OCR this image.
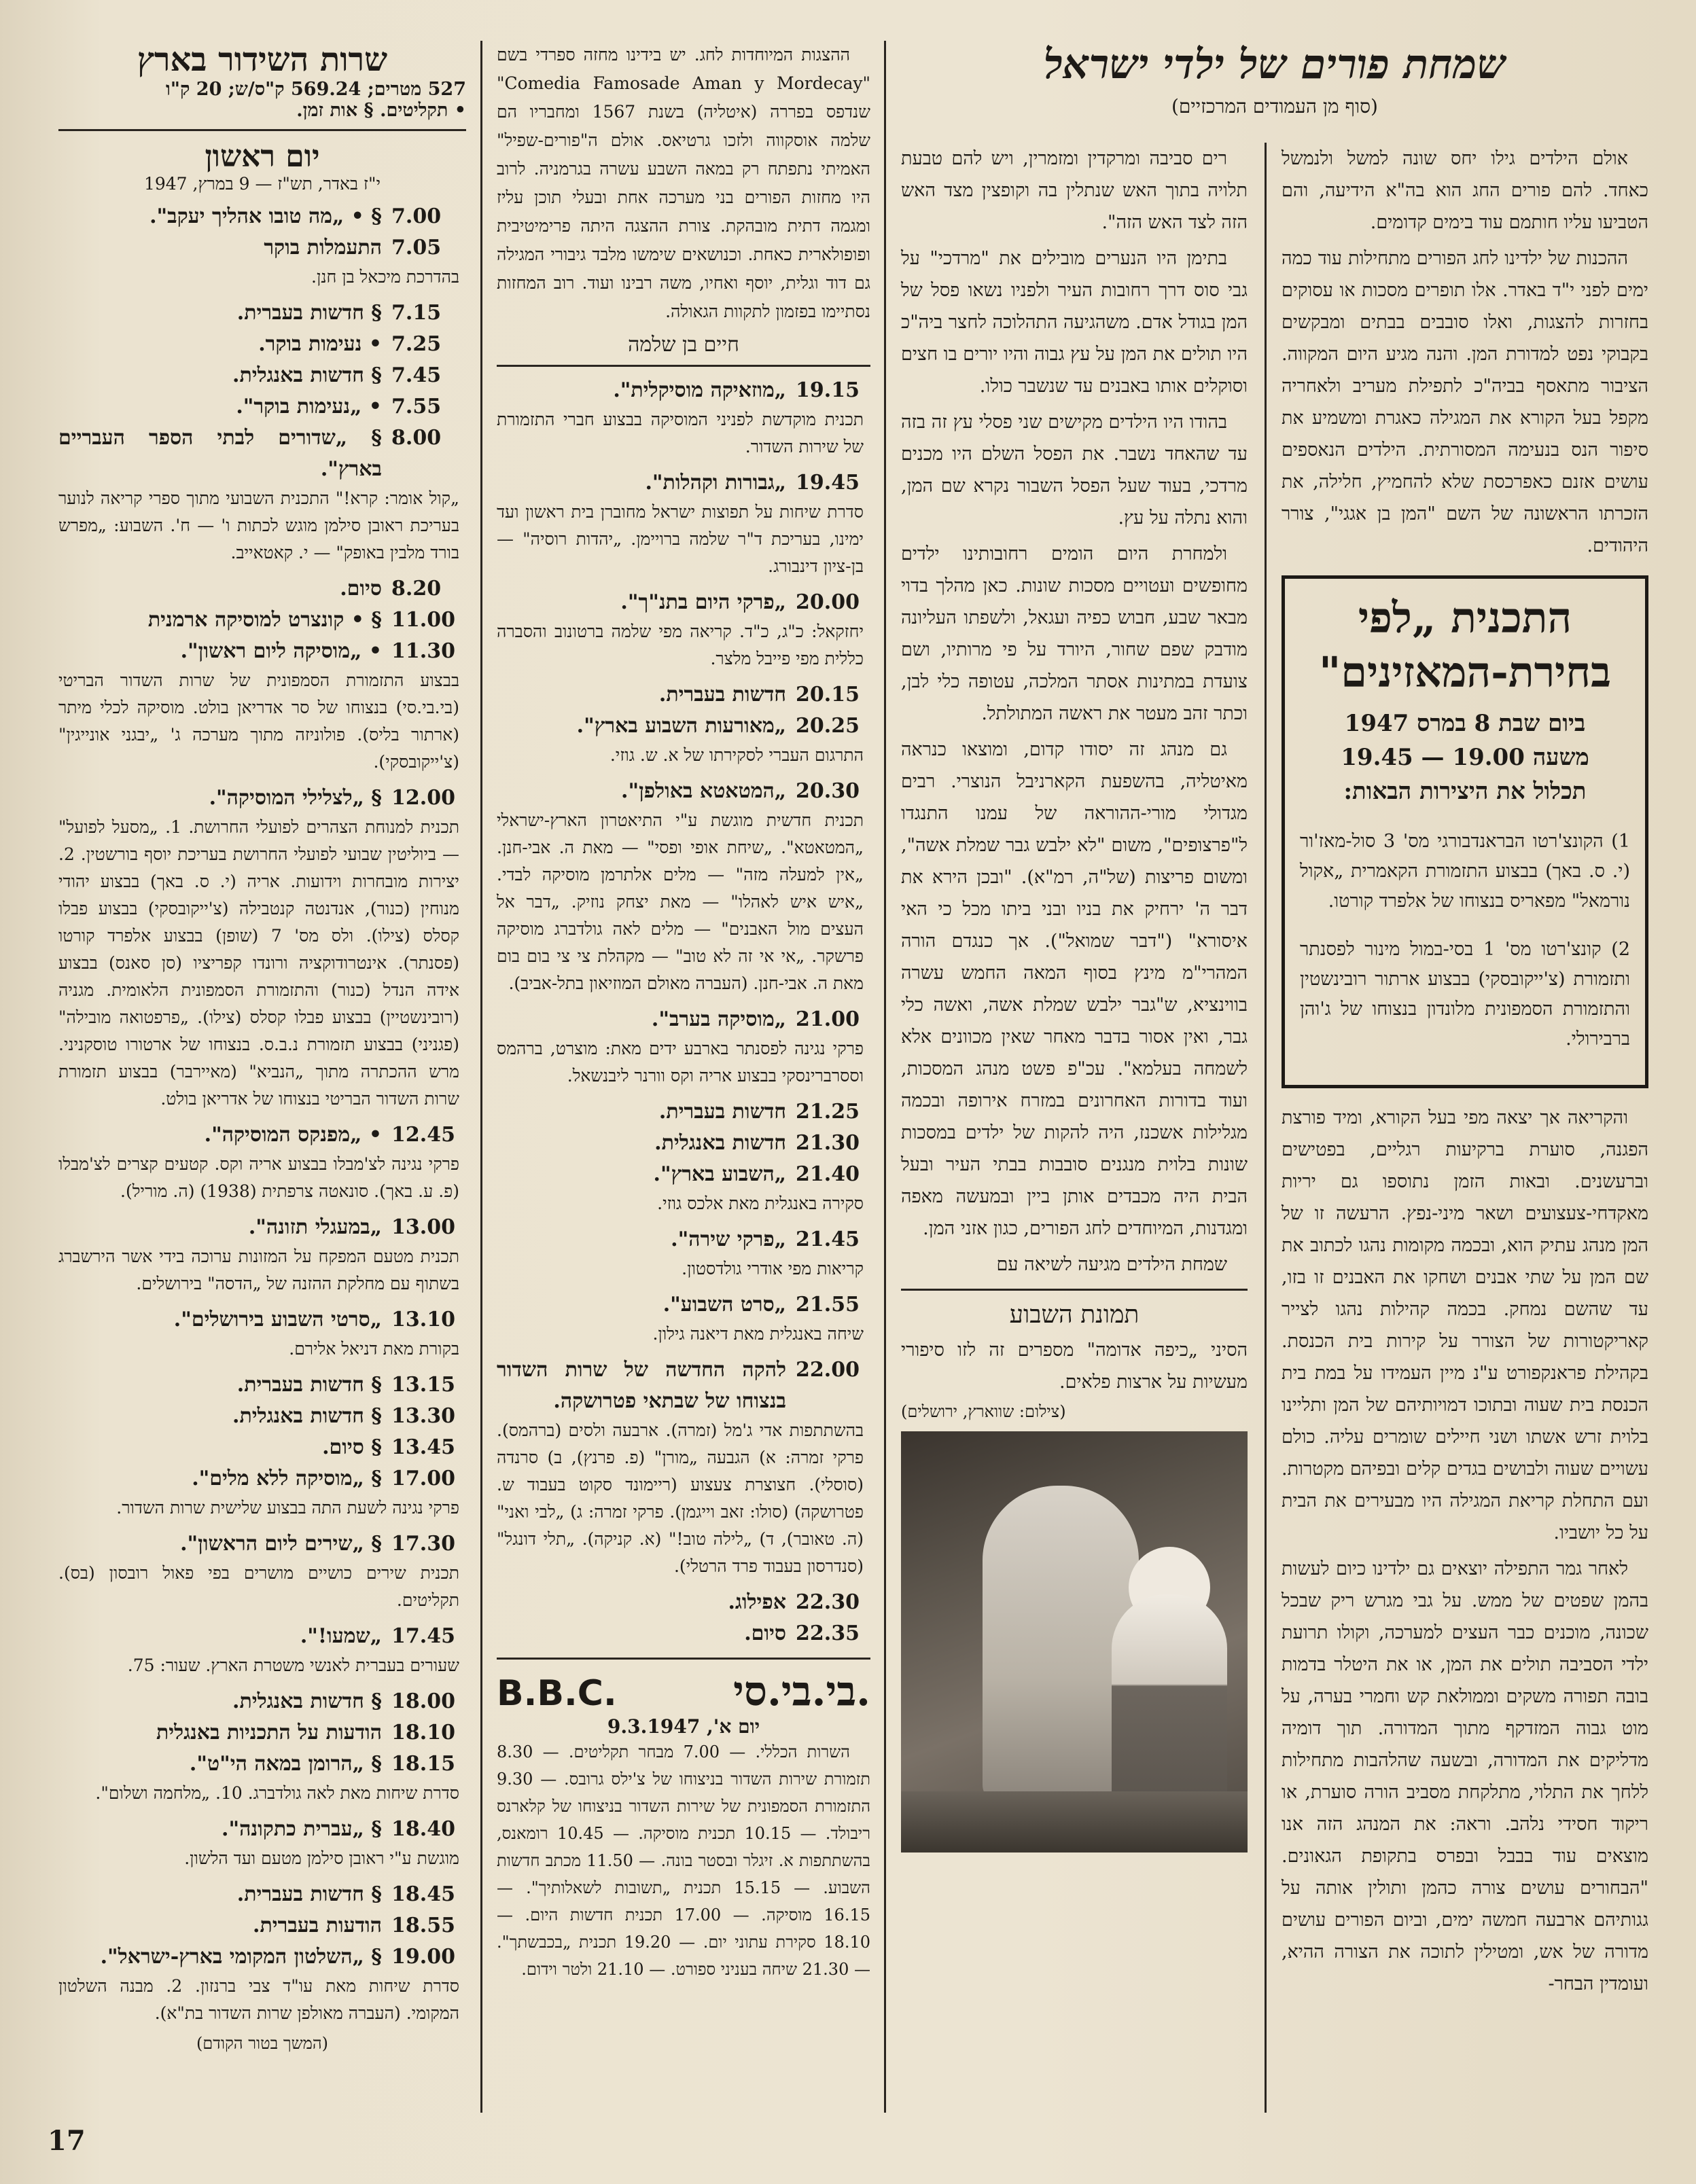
שמחת פורים של ילדי ישראל
(סוף מן העמודים המרכזיים)

אולם הילדים גילו יחס שונה למשל ולנמשל כאחד. להם פורים החג הוא בה"א הידיעה, והם הטביעו עליו חותמם עוד בימים קדומים.

ההכנות של ילדינו לחג הפורים מתחילות עוד כמה ימים לפני י"ד באדר. אלו תופרים מסכות או עסוקים בחזרות להצגות, ואלו סובבים בבתים ומבקשים בקבוקי נפט למדורת המן. והנה מגיע היום המקווה. הציבור מתאסף בביה"כ לתפילת מעריב ולאחריה מקפל בעל הקורא את המגילה כאגרת ומשמיע את סיפור הנס בנעימה המסורתית. הילדים הנאספים עושים אזנם כאפרכסת שלא להחמיץ, חלילה, את הזכרתו הראשונה של השם "המן בן אגגי", צורר היהודים.

התכנית „לפי
בחירת-המאזינים"
ביום שבת 8 במרס 1947
משעה 19.00 — 19.45
תכלול את היצירות הבאות:

1) הקונצ'רטו הבראנדבורגי מס' 3 סול-מאז'ור (י. ס. באך) בבצוע התזמורת הקאמרית „אקול נורמאל" מפאריס בנצוחו של אלפרד קורטו.

2) קונצ'רטו מס' 1 בסי-במול מינור לפסנתר ותזמורת (צ'ייקובסקי) בבצוע ארתור רובינשטין והתזמורת הסמפונית מלונדון בנצוחו של ג'והן ברבירולי.

והקריאה אך יצאה מפי בעל הקורא, ומיד פורצת הפגנה, סוערת ברקיעות רגליים, בפטישים וברעשנים. ובאות הזמן נתוספו גם יריות מאקדחי-צעצועים ושאר מיני-נפץ. הרעשה זו של המן מנהג עתיק הוא, ובכמה מקומות נהגו לכתוב את שם המן על שתי אבנים ושחקו את האבנים זו בזו, עד שהשם נמחק. בכמה קהילות נהגו לצייר קאריקטורות של הצורר על קירות בית הכנסת. בקהילת פראנקפורט ע"נ מיין העמידו על במת בית הכנסת בית שעוה ובתוכו דמויותיהם של המן ותליינו בלוית זרש אשתו ושני חיילים שומרים עליה. כולם עשויים שעוה ולבושים בגדים קלים ובפיהם מקטרות. ועם התחלת קריאת המגילה היו מבעירים את הבית על כל יושביו.

לאחר גמר התפילה יוצאים גם ילדינו כיום לעשות בהמן שפטים של ממש. על גבי מגרש ריק שבכל שכונה, מוכנים כבר העצים למערכה, וקולו תרועת ילדי הסביבה תולים את המן, או את היטלר בדמות בובה תפורה משקים וממולאת קש וחמרי בערה, על מוט גבוה המזדקף מתוך המדורה. תוך דומיה מדליקים את המדורה, ובשעה שהלהבות מתחילות ללחך את התלוי, מתלקחת מסביב הורה סוערת, או ריקוד חסידי נלהב. וראה: את המנהג הזה אנו מוצאים עוד בבבל ובפרס בתקופת הגאונים. "הבחורים עושים צורה כהמן ותולין אותה על גגותיהם ארבעה חמשה ימים, וביום הפורים עושים מדורה של אש, ומטילין לתוכה את הצורה ההיא, ועומדין הבחר-

רים סביבה ומרקדין ומזמרין, ויש להם טבעת תלויה בתוך האש שנתלין בה וקופצין מצד האש הזה לצד האש הזה".

בתימן היו הנערים מובילים את "מרדכי" על גבי סוס דרך רחובות העיר ולפניו נשאו פסל של המן בגודל אדם. משהגיעה התהלוכה לחצר ביה"כ היו תולים את המן על עץ גבוה והיו יורים בו חצים וסוקלים אותו באבנים עד שנשבר כולו.

בהודו היו הילדים מקישים שני פסלי עץ זה בזה עד שהאחד נשבר. את הפסל השלם היו מכנים מרדכי, בעוד שעל הפסל השבור נקרא שם המן, והוא נתלה על עץ.

ולמחרת היום הומים רחובותינו ילדים מחופשים ועטויים מסכות שונות. כאן מהלך בדוי מבאר שבע, חבוש כפיה ועגאל, ולשפתו העליונה מודבק שפם שחור, היורד על פי מרותיו, ושם צועדת במתינות אסתר המלכה, עטופה כלי לבן, וכתר זהב מעטר את ראשה המתולתל.

גם מנהג זה יסודו קדום, ומוצאו כנראה מאיטליה, בהשפעת הקארניבל הנוצרי. רבים מגדולי מורי-ההוראה של עמנו התנגדו ל"פרצופים", משום "לא ילבש גבר שמלת אשה", ומשום פריצות (של"ה, רמ"א). "ובכן הירא את דבר ה' ירחיק את בניו ובני ביתו מכל כי האי איסורא" ("דבר שמואל"). אך כנגדם הורה המהרי"מ מינץ בסוף המאה החמש עשרה בווינציא, ש"גבר ילבש שמלת אשה, ואשה כלי גבר, ואין אסור בדבר מאחר שאין מכוונים אלא לשמחה בעלמא". עכ"פ פשט מנהג המסכות, ועוד בדורות האחרונים במזרח אירופה ובכמה מגלילות אשכנז, היה להקות של ילדים במסכות שונות בלוית מנגנים סובבות בבתי העיר ובעל הבית היה מכבדים אותן ביין ובמעשה מאפה ומגדנות, המיוחדים לחג הפורים, כגון אזני המן.

שמחת הילדים מגיעה לשיאה עם

תמונת השבוע

הסיני „כיפה אדומה" מספרים זה לזו סיפורי מעשיות על ארצות פלאים.

(צילום: שווארץ, ירושלים)

ההצגות המיוחדות לחג. יש בידינו מחזה ספרדי בשם "Comedia Famosade Aman y Mordecay" שנדפס בפררה (איטליה) בשנת 1567 ומחבריו הם שלמה אוסקווה ולזכו גרטיאס. אולם ה"פורים-שפיל" האמיתי נתפתח רק במאה השבע עשרה בגרמניה. לרוב היו מחזות הפורים בני מערכה אחת ובעלי תוכן עליז ומגמה דתית מובהקת. צורת ההצגה היתה פרימיטיבית ופופולארית כאחת. וכנושאים שימשו מלבד גיבורי המגילה גם דוד וגלית, יוסף ואחיו, משה רבינו ועוד. רוב המחזות נסתיימו בפזמון לתקוות הגאולה.

חיים בן שלמה
19.15
„מוזאיקה מוסיקלית".

תכנית מוקדשת לפניני המוסיקה בבצוע חברי התזמורת של שירות השדור.

19.45
„גבורות וקהלות".

סדרת שיחות על תפוצות ישראל מחוברן בית ראשון ועד ימינו, בעריכת ד"ר שלמה ברויימן. „יהדות רוסיה" — בן-ציון דינבורג.

20.00
„פרקי היום בתנ"ך".

יחזקאל: כ"ג, כ"ד. קריאה מפי שלמה ברטונוב והסברה כללית מפי פייבל מלצר.

20.15
חדשות בעברית.
20.25
„מאורעות השבוע בארץ".

התרגום העברי לסקירתו של א. ש. גוזי.

20.30
„המטאטא באולפן".

תכנית חדשית מוגשת ע"י התיאטרון הארץ-ישראלי „המטאטא". „שיחת אופי ופסי" — מאת ה. אבי-חנן. „אין למעלה מזה" — מלים אלתרמן מוסיקה לבדי. „איש איש לאהלו" — מאת יצחק נוזיק. „דבר אל העצים מול האבנים" — מלים לאה גולדברג מוסיקה פרשקר. „אי אי זה לא טוב" — מקהלת צי צי בום בום מאת ה. אבי-חנן. (העברה מאולם המוזיאון בתל-אביב).

21.00
„מוסיקה בערב".

פרקי נגינה לפסנתר בארבע ידים מאת: מוצרט, ברהמס וססרברינסקי בבצוע אריה וקס וורנר ליבנשאל.

21.25
חדשות בעברית.
21.30
חדשות באנגלית.
21.40
„השבוע בארץ".

סקירה באנגלית מאת אלכס גוזי.

21.45
„פרקי שירה".

קריאות מפי אודרי גולדסטון.

21.55
„סרט השבוע".

שיחה באנגלית מאת דיאנה גילון.

22.00
להקה החדשה של שרות השדור בנצוחו של שבתאי פטרושקה.

בהשתתפות אדי ג'מל (זמרה). ארבעה ולסים (ברהמס). פרקי זמרה: א) הגבעה „מורן" (פ. פרנץ), ב) סרנדה (סוסלי). חצוצרת צעצוע (ריימונד סקוט בעבוד ש. פטרושקה) (סולו: זאב וייגמן). פרקי זמרה: ג) „לבי ואני" (ה. טאובר), ד) „לילה טוב!" (א. קניקה). „תלי דונגל" (סנדרסון בעבוד פרד הרטלי).

22.30
אפילוג.
22.35
סיום.
B.B.C.	בי.בי.סי.
יום א', 9.3.1947

השרות הכללי. — 7.00 מבחר תקליטים. — 8.30 תזמורת שירות השדור בניצוחו של צ'ילס גרובס. — 9.30 התזמורת הסמפונית של שירות השדור בניצוחו של קלארנס ריבולד. — 10.15 תכנית מוסיקה. — 10.45 רומאנס, בהשתתפות א. זיגלר ובסטר בונה. — 11.50 מכתב חדשות השבוע. — 15.15 תכנית „תשובות לשאלותיך". — 16.15 מוסיקה. — 17.00 תכנית חדשות היום. — 18.10 סקירת עתוני יום. — 19.20 תכנית „בכבשתך". — 21.30 שיחה בעניני ספורט. — 21.10 ולטר וידום.

שרות השידור בארץ
527 מטרים; 569.24 ק"ס/ש; 20 ק"ו
• תקליטים. § אות זמן.
יום ראשון
י"ז באדר, תש"ז — 9 במרץ, 1947
7.00
§ • „מה טובו אהליך יעקב".
7.05
התעמלות בוקר

בהדרכת מיכאל בן חנן.

7.15
§ חדשות בעברית.
7.25
• נעימות בוקר.
7.45
§ חדשות באנגלית.
7.55
• „נעימות בוקר".
8.00
§ „שדורים לבתי הספר העבריים בארץ".

„קול אומר: קרא!" התכנית השבועי מתוך ספרי קריאה לנוער בעריכת ראובן סילמן מוגש לכתות ו' — ח'. השבוע: „מפרש בורד מלבין באופק" — י. קאטאייב.

8.20
סיום.
11.00
§ • קונצרט למוסיקה ארמנית
11.30
• „מוסיקה ליום ראשון".

בבצוע התזמורת הסמפונית של שרות השדור הבריטי (בי.בי.סי) בנצוחו של סר אדריאן בולט. מוסיקה לכלי מיתר (ארתור בליס). פולוניזה מתוך מערכה ג' „יבגני אונייגין" (צ'ייקובסקי).

12.00
§ „לצלילי המוסיקה".

תכנית למנוחת הצהרים לפועלי החרושת. 1. „מסעל לפועל" — ביוליטין שבועי לפועלי החרושת בעריכת יוסף בורשטין. 2. יצירות מובחרות וידועות. אריה (י. ס. באך) בבצוע יהודי מנוחין (כנור), אנדנטה קנטבילה (צ'ייקובסקי) בבצוע פבלו קסלס (צילו). ולס מס' 7 (שופן) בבצוע אלפרד קורטו (פסנתר). אינטרודוקציה ורונדו קפריציו (סן סאנס) בבצוע אידה הנדל (כנור) והתזמורת הסמפונית הלאומית. מגניה (רובינשטיין) בבצוע פבלו קסלס (צילו). „פרפטואה מובילה" (פגניני) בבצוע תזמורת נ.ב.ס. בנצוחו של ארטורו טוסקניני. מרש ההכתרה מתוך „הנביא" (מאיירבר) בבצוע תזמורת שרות השדור הבריטי בנצוחו של אדריאן בולט.

12.45
• „מפנקס המוסיקה".

פרקי נגינה לצ'מבלו בבצוע אריה וקס. קטעים קצרים לצ'מבלו (פ. ע. באך). סונאטה צרפתית (1938) (ה. מוריל).

13.00
„במעגלי תזונה".

תכנית מטעם המפקח על המזונות ערוכה בידי אשר הירשברג בשתוף עם מחלקת ההזנה של „הדסה" בירושלים.

13.10
„סרטי השבוע בירושלים".

בקורת מאת דניאל אלירם.

13.15
§ חדשות בעברית.
13.30
§ חדשות באנגלית.
13.45
§ סיום.
17.00
§ „מוסיקה ללא מלים".

פרקי נגינה לשעת התה בבצוע שלישית שרות השדור.

17.30
§ „שירים ליום הראשון".

תכנית שירים כושיים מושרים בפי פאול רובסון (בס). תקליטים.

17.45
„שמעו!".

שעורים בעברית לאנשי משטרת הארץ. שעור: 75.

18.00
§ חדשות באנגלית.
18.10
הודעות על התכניות באנגלית
18.15
§ „הרומן במאה הי"ט".

סדרת שיחות מאת לאה גולדברג. 10. „מלחמה ושלום".

18.40
§ „עברית כתקונה".

מוגשת ע"י ראובן סילמן מטעם ועד הלשון.

18.45
§ חדשות בעברית.
18.55
הודעות בעברית.
19.00
§ „השלטון המקומי בארץ-ישראל".

סדרת שיחות מאת עו"ד צבי ברנזון. 2. מבנה השלטון המקומי. (העברה מאולפן שרות השדור בת"א).

(המשך בטור הקודם)
17
